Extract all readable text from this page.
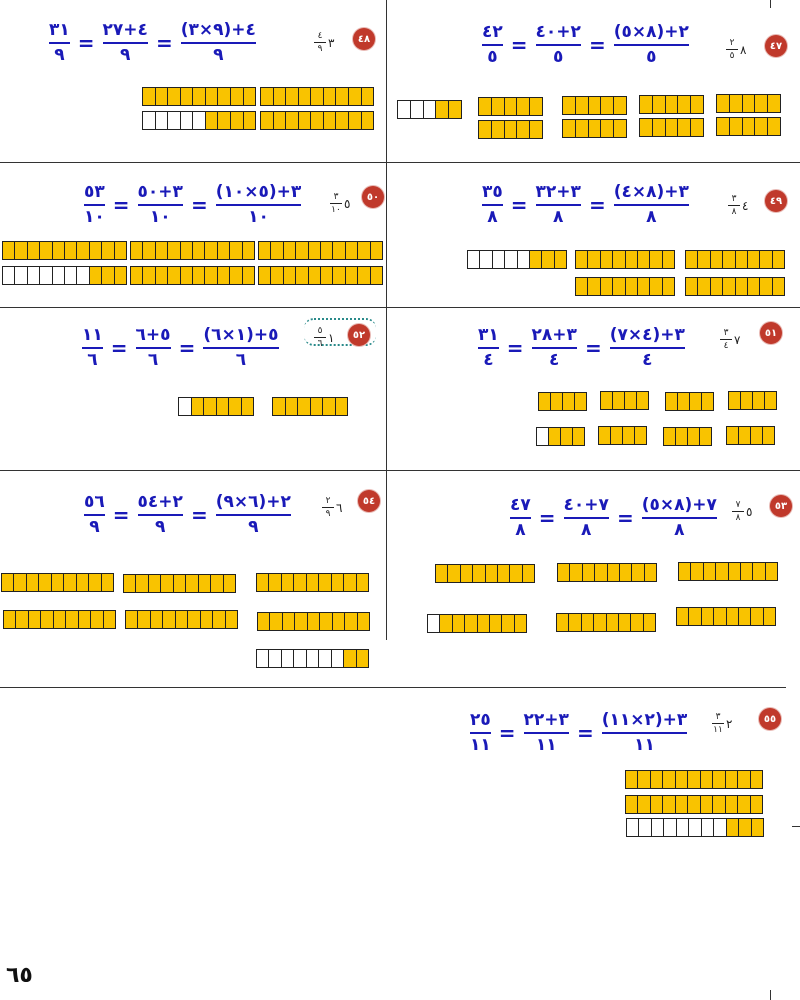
٤٧
٢
٥ ٨
$\frac{٤٢}{٥} = \frac{٢+٤٠}{٥} = \frac{٢+(٨\times ٥)}{٥}$
٤٨
٤
٩ ٣
$\frac{٣١}{٩} = \frac{٤+٢٧}{٩} = \frac{٤+(٩\times ٣)}{٩}$
٤٩
٣
٨ ٤
$\frac{٣٥}{٨} = \frac{٣+٣٢}{٨} = \frac{٣+(٨\times ٤)}{٨}$
٥٠
٣
١٠ ٥
$\frac{٥٣}{١٠} = \frac{٣+٥٠}{١٠} = \frac{٣+(٥\times ١٠)}{١٠}$
٥١
٣
٤ ٧
$\frac{٣١}{٤} = \frac{٣+٢٨}{٤} = \frac{٣+(٤\times ٧)}{٤}$
٥٢
٥
٦ ١
$\frac{١١}{٦} = \frac{٥+٦}{٦} = \frac{٥+(١\times ٦)}{٦}$
٥٣
٧
٨ ٥
$\frac{٤٧}{٨} = \frac{٧+٤٠}{٨} = \frac{٧+(٨\times ٥)}{٨}$
٥٤
٢
٩ ٦
$\frac{٥٦}{٩} = \frac{٢+٥٤}{٩} = \frac{٢+(٦\times ٩)}{٩}$
٥٥
٣
١١ ٢
$\frac{٢٥}{١١} = \frac{٣+٢٢}{١١} = \frac{٣+(٢\times ١١)}{١١}$
٦٥
